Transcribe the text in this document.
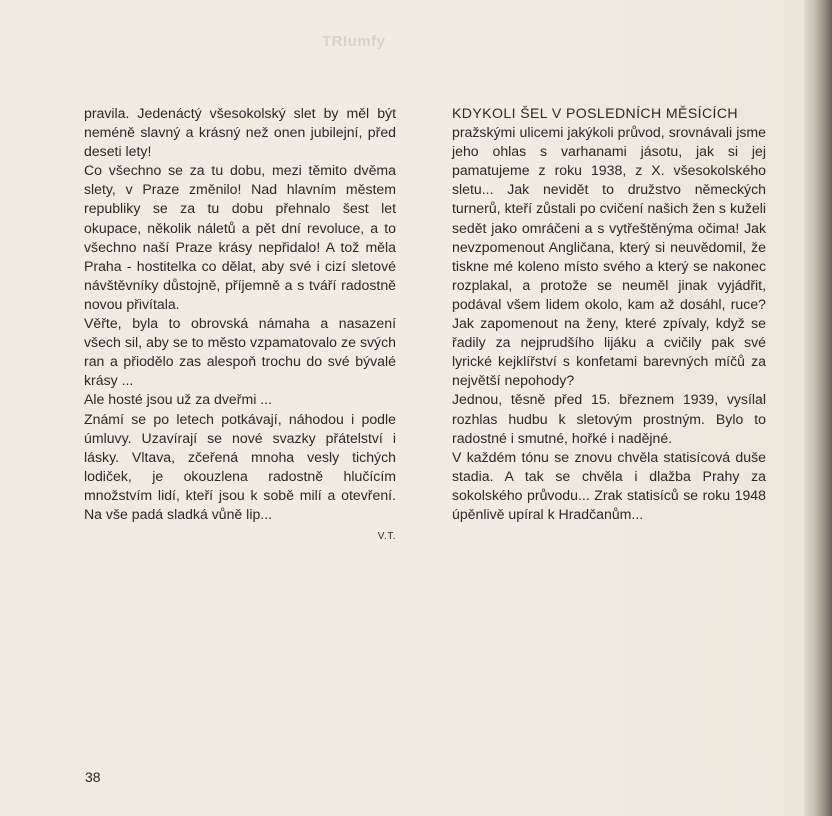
TRIumfy

pravila. Jedenáctý všesokolský slet by měl být neméně slavný a krásný než onen jubilejní, před deseti lety!

Co všechno se za tu dobu, mezi těmito dvěma slety, v Praze změnilo! Nad hlavním městem republiky se za tu dobu přehnalo šest let okupace, několik náletů a pět dní revoluce, a to všechno naší Praze krásy nepřidalo! A tož měla Praha - hostitelka co dělat, aby své i cizí sletové návštěvníky důstojně, příjemně a s tváří radostně novou přivítala.

Věřte, byla to obrovská námaha a nasazení všech sil, aby se to město vzpamatovalo ze svých ran a přiodělo zas alespoň trochu do své bývalé krásy ...

Ale hosté jsou už za dveřmi ...

Známí se po letech potkávají, náhodou i podle úmluvy. Uzavírají se nové svazky přátelství i lásky. Vltava, zčeřená mnoha vesly tichých lodiček, je okouzlena radostně hlučícím množstvím lidí, kteří jsou k sobě milí a otevření. Na vše padá sladká vůně lip...

V.T.

KDYKOLI ŠEL V POSLEDNÍCH MĚSÍCÍCH

pražskými ulicemi jakýkoli průvod, srovnávali jsme jeho ohlas s varhanami jásotu, jak si jej pamatujeme z roku 1938, z X. všesokolského sletu... Jak nevidět to družstvo německých turnerů, kteří zůstali po cvičení našich žen s kuželi sedět jako omráčeni a s vytřeštěnýma očima! Jak nevzpomenout Angličana, který si neuvědomil, že tiskne mé koleno místo svého a který se nakonec rozplakal, a protože se neuměl jinak vyjádřit, podával všem lidem okolo, kam až dosáhl, ruce? Jak zapomenout na ženy, které zpívaly, když se řadily za nejprudšího lijáku a cvičily pak své lyrické kejklířství s konfetami barevných míčů za největší nepohody?

Jednou, těsně před 15. březnem 1939, vysílal rozhlas hudbu k sletovým prostným. Bylo to radostné i smutné, hořké i nadějné.

V každém tónu se znovu chvěla statisícová duše stadia. A tak se chvěla i dlažba Prahy za sokolského průvodu... Zrak statisíců se roku 1948 úpěnlivě upíral k Hradčanům...

38
